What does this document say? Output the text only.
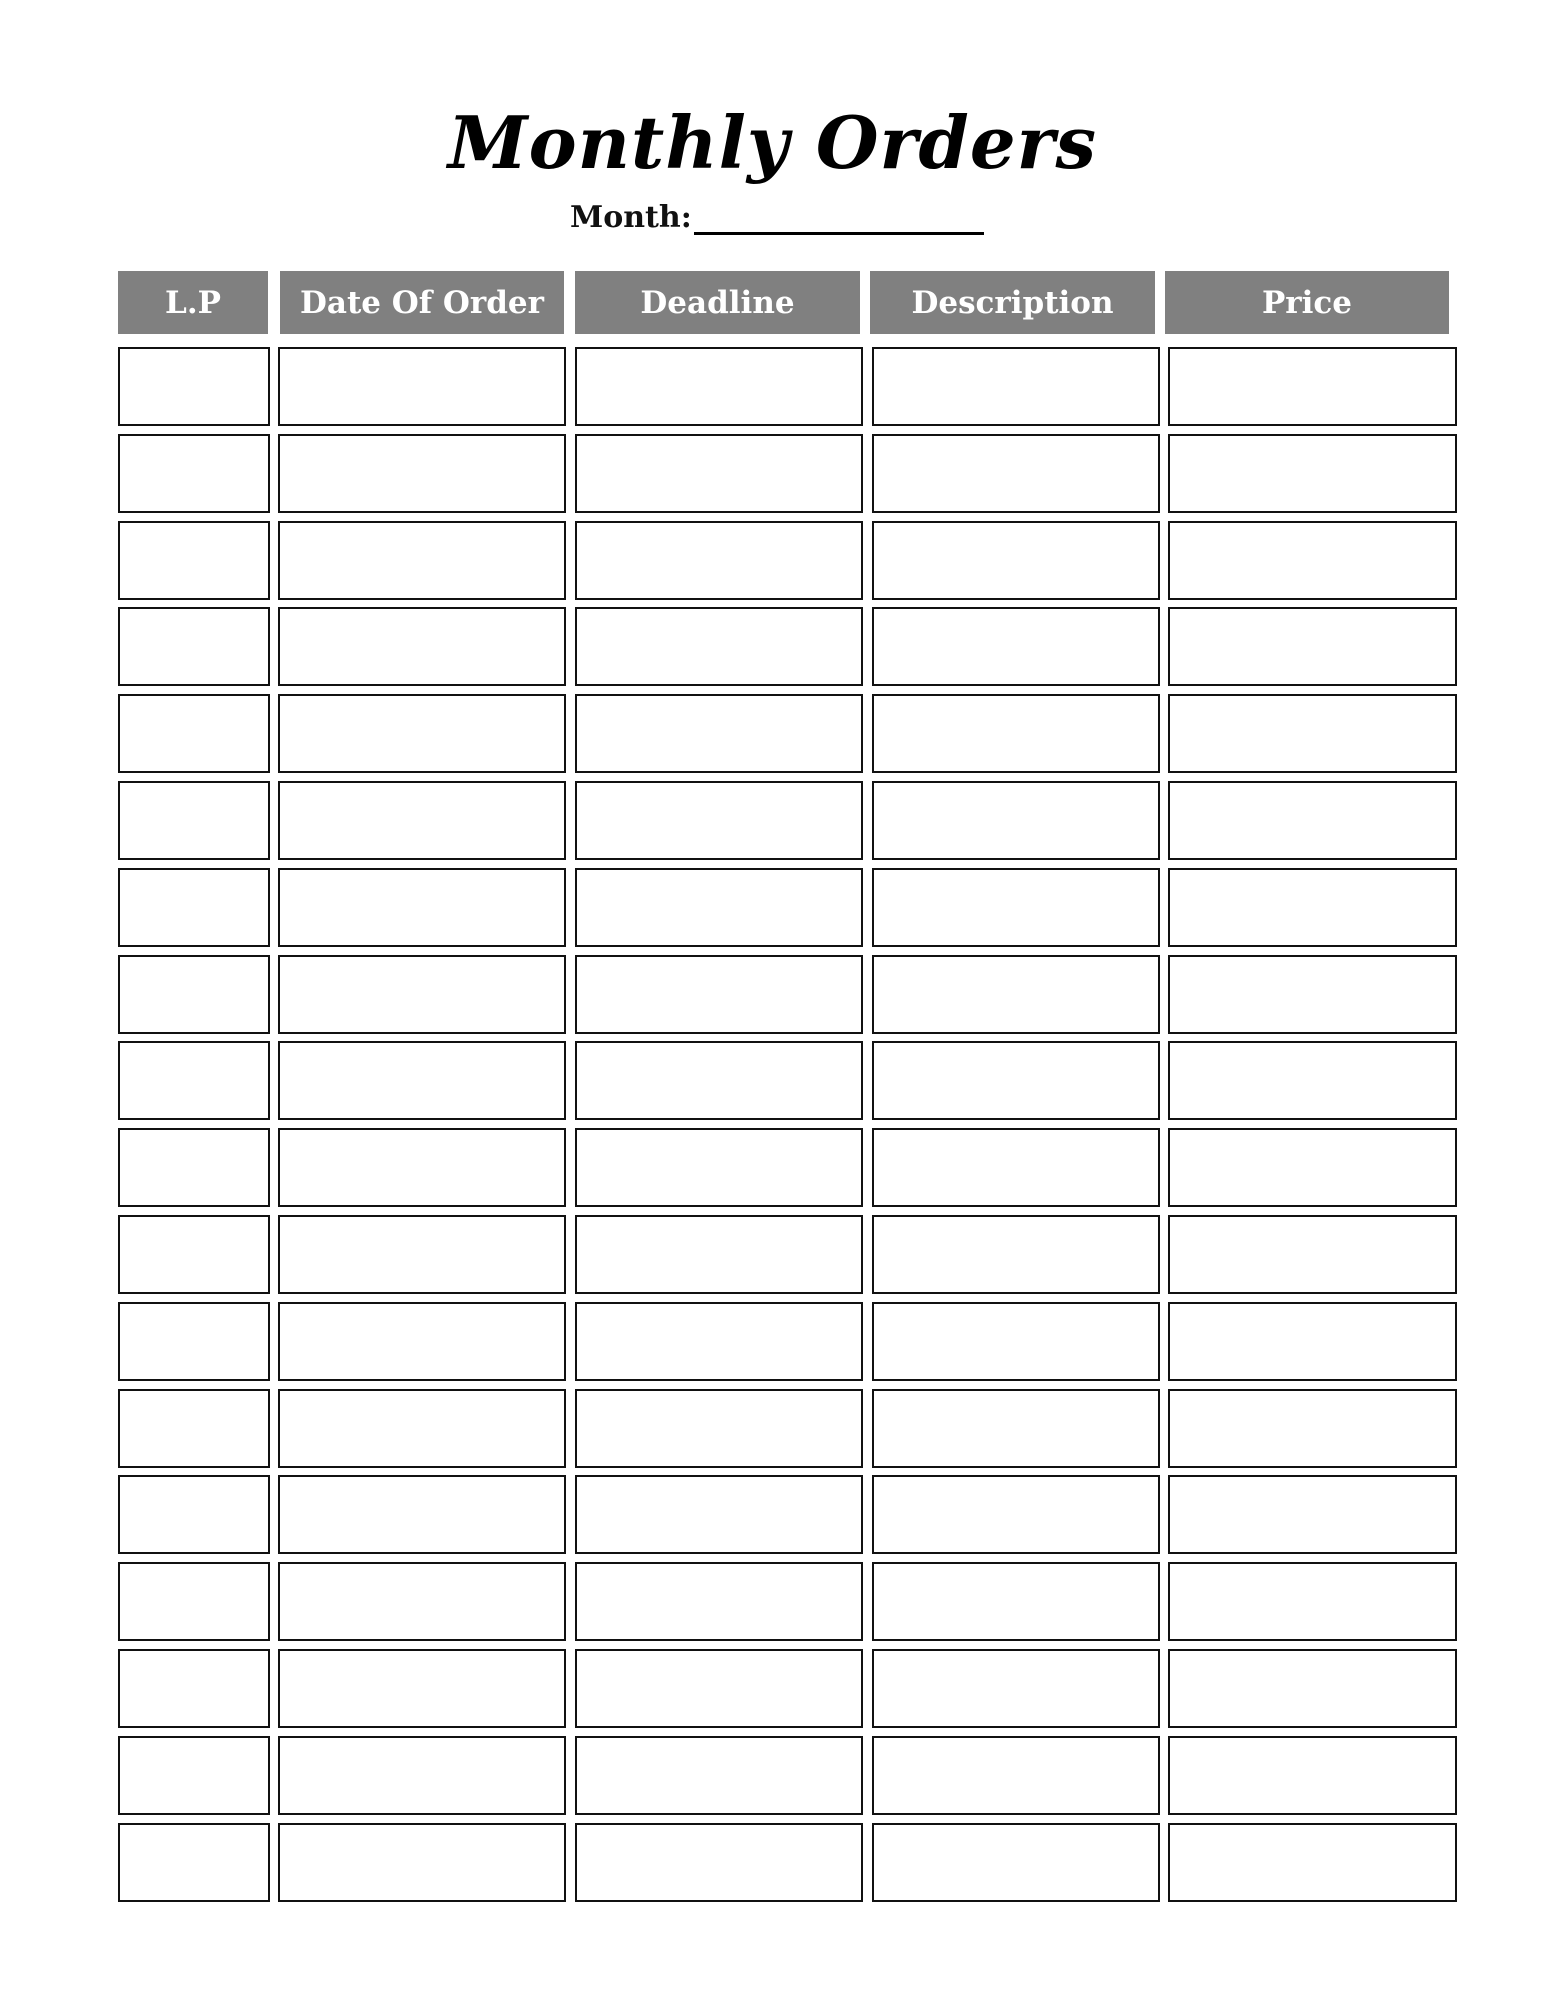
Monthly Orders
Month:
L.P	Date Of Order	Deadline	Description	Price
